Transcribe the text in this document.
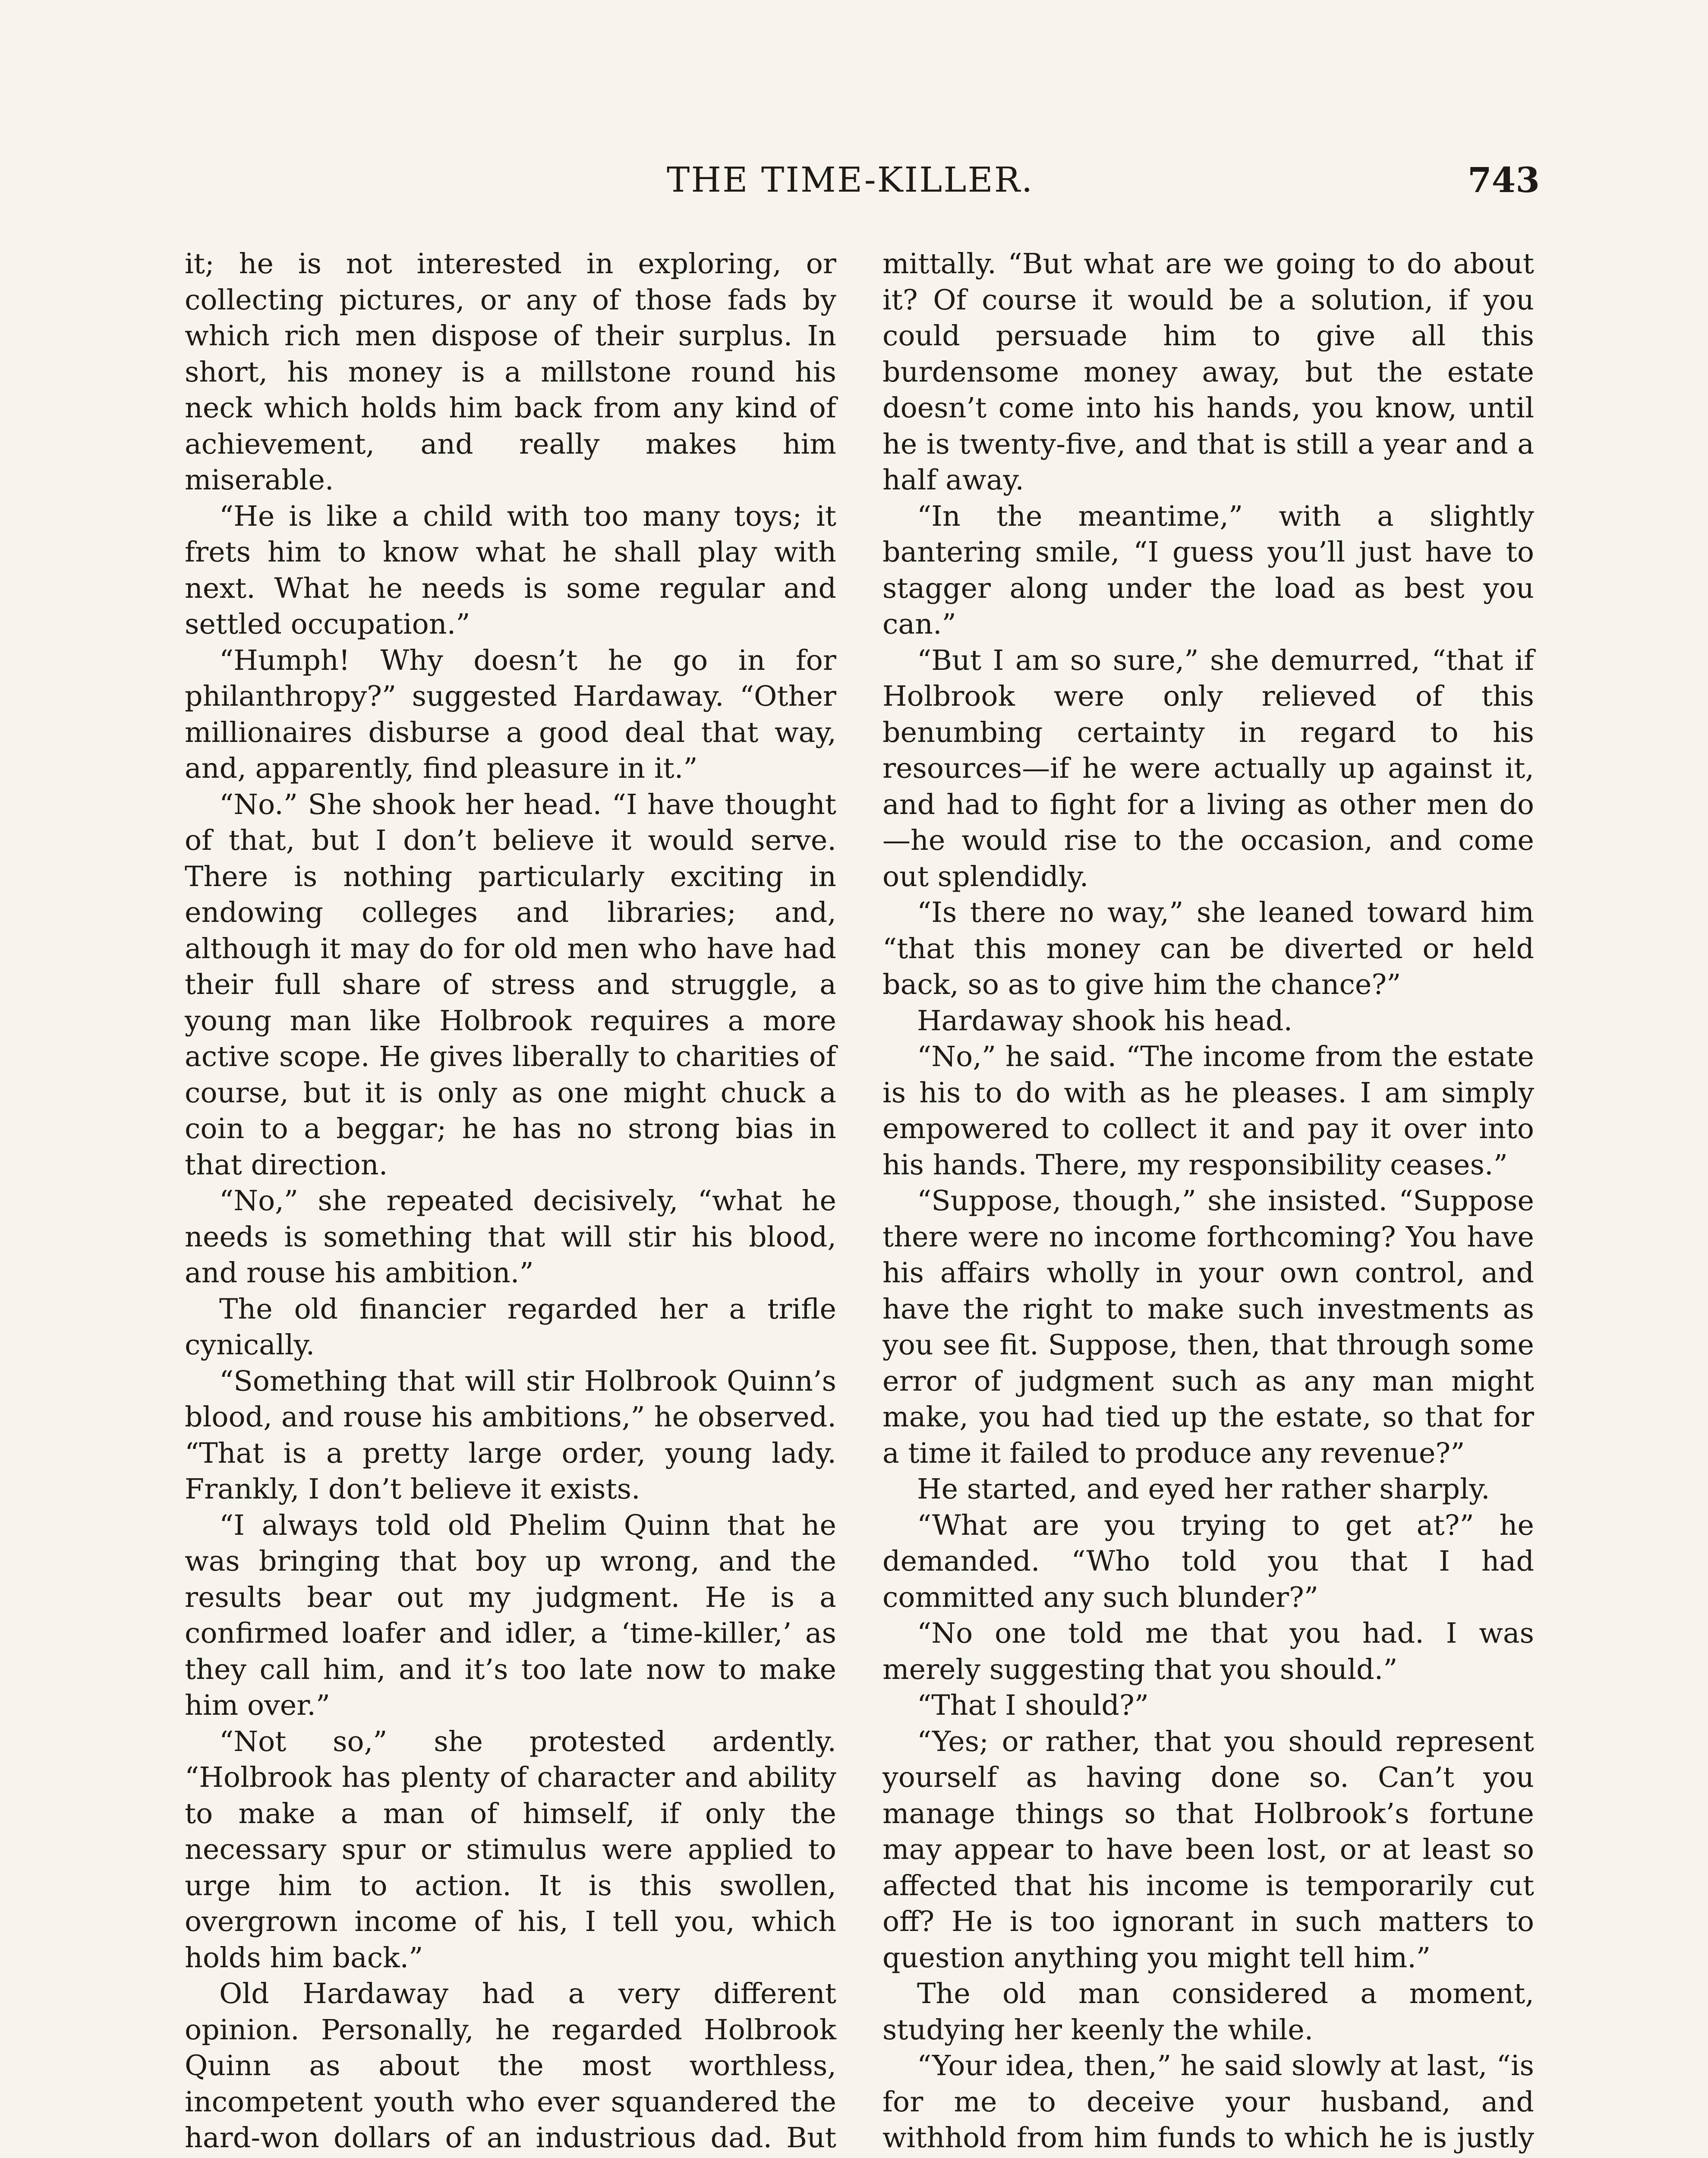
THE TIME-KILLER.	743

it; he is not interested in exploring, or collecting pictures, or any of those fads by which rich men dispose of their surplus. In short, his money is a millstone round his neck which holds him back from any kind of achievement, and really makes him miserable.

“He is like a child with too many toys; it frets him to know what he shall play with next. What he needs is some regular and settled occupation.”

“Humph! Why doesn’t he go in for philanthropy?” suggested Hardaway. “Other millionaires disburse a good deal that way, and, apparently, find pleasure in it.”

“No.” She shook her head. “I have thought of that, but I don’t believe it would serve. There is nothing particularly exciting in endowing colleges and libraries; and, although it may do for old men who have had their full share of stress and struggle, a young man like Holbrook requires a more active scope. He gives liberally to charities of course, but it is only as one might chuck a coin to a beggar; he has no strong bias in that direction.

“No,” she repeated decisively, “what he needs is something that will stir his blood, and rouse his ambition.”

The old financier regarded her a trifle cynically.

“Something that will stir Holbrook Quinn’s blood, and rouse his ambitions,” he observed. “That is a pretty large order, young lady. Frankly, I don’t believe it exists.

“I always told old Phelim Quinn that he was bringing that boy up wrong, and the results bear out my judgment. He is a confirmed loafer and idler, a ‘time-killer,’ as they call him, and it’s too late now to make him over.”

“Not so,” she protested ardently. “Holbrook has plenty of character and ability to make a man of himself, if only the necessary spur or stimulus were applied to urge him to action. It is this swollen, overgrown income of his, I tell you, which holds him back.”

Old Hardaway had a very different opinion. Personally, he regarded Holbrook Quinn as about the most worthless, incompetent youth who ever squandered the hard-won dollars of an industrious dad. But

mittally. “But what are we going to do about it? Of course it would be a solution, if you could persuade him to give all this burdensome money away, but the estate doesn’t come into his hands, you know, until he is twenty-five, and that is still a year and a half away.

“In the meantime,” with a slightly bantering smile, “I guess you’ll just have to stagger along under the load as best you can.”

“But I am so sure,” she demurred, “that if Holbrook were only relieved of this benumbing certainty in regard to his resources—if he were actually up against it, and had to fight for a living as other men do—he would rise to the occasion, and come out splendidly.

“Is there no way,” she leaned toward him “that this money can be diverted or held back, so as to give him the chance?”

Hardaway shook his head.

“No,” he said. “The income from the estate is his to do with as he pleases. I am simply empowered to collect it and pay it over into his hands. There, my responsibility ceases.”

“Suppose, though,” she insisted. “Suppose there were no income forthcoming? You have his affairs wholly in your own control, and have the right to make such investments as you see fit. Suppose, then, that through some error of judgment such as any man might make, you had tied up the estate, so that for a time it failed to produce any revenue?”

He started, and eyed her rather sharply.

“What are you trying to get at?” he demanded. “Who told you that I had committed any such blunder?”

“No one told me that you had. I was merely suggesting that you should.”

“That I should?”

“Yes; or rather, that you should represent yourself as having done so. Can’t you manage things so that Holbrook’s fortune may appear to have been lost, or at least so affected that his income is temporarily cut off? He is too ignorant in such matters to question anything you might tell him.”

The old man considered a moment, studying her keenly the while.

“Your idea, then,” he said slowly at last, “is for me to deceive your husband, and withhold from him funds to which he is justly
